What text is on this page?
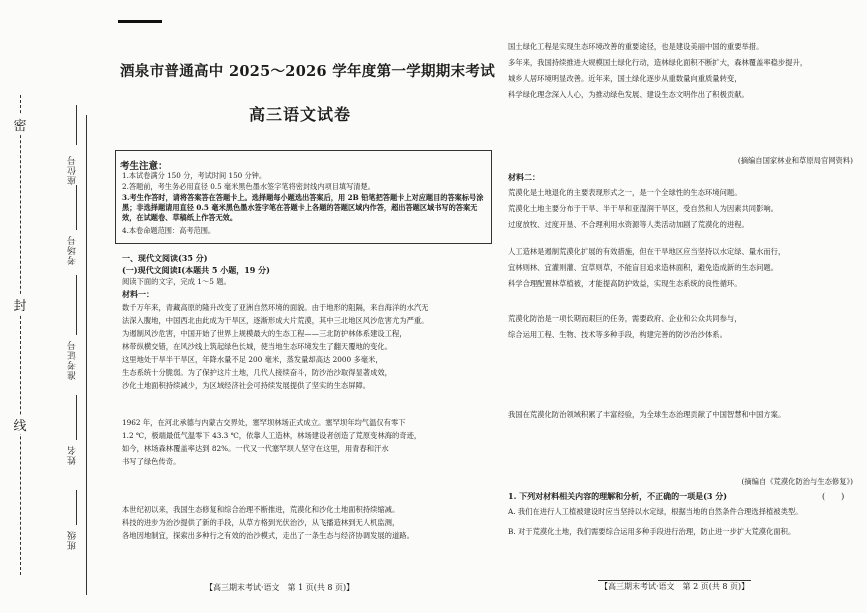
密
封
线
座位号
考场号
准考证号
姓名
班级
酒泉市普通高中 2025～2026 学年度第一学期期末考试
高三语文试卷
考生注意：
1.本试卷满分 150 分，考试时间 150 分钟。
2.答题前，考生务必用直径 0.5 毫米黑色墨水签字笔将密封线内项目填写清楚。
3.考生作答时，请将答案答在答题卡上。选择题每小题选出答案后，用 2B 铅笔把答题卡上对应题目的答案标号涂黑；非选择题请用直径 0.5 毫米黑色墨水签字笔在答题卡上各题的答题区域内作答，超出答题区域书写的答案无效，在试题卷、草稿纸上作答无效。
4.本卷命题范围：高考范围。
一、现代文阅读(35 分)
(一)现代文阅读Ⅰ(本题共 5 小题，19 分)
阅读下面的文字，完成 1～5 题。
材料一：
数千万年来，青藏高原的隆升改变了亚洲自然环境的面貌。由于地形的阻隔，来自海洋的水汽无
法深入腹地，中国西北由此成为干旱区，逐渐形成大片荒漠，其中三北地区风沙危害尤为严重。
为遏制风沙危害，中国开始了世界上规模最大的生态工程——三北防护林体系建设工程，
林带纵横交错，在风沙线上筑起绿色长城，使当地生态环境发生了翻天覆地的变化。
这里地处干旱半干旱区，年降水量不足 200 毫米，蒸发量却高达 2000 多毫米，
生态系统十分脆弱。为了保护这片土地，几代人接续奋斗，防沙治沙取得显著成效，
沙化土地面积持续减少，为区域经济社会可持续发展提供了坚实的生态屏障。
1962 年，在河北承德与内蒙古交界处，塞罕坝林场正式成立。塞罕坝年均气温仅有零下
1.2 ℃，极端最低气温零下 43.3 ℃，依靠人工造林，林场建设者创造了荒原变林海的奇迹，
如今，林场森林覆盖率达到 82%。一代又一代塞罕坝人坚守在这里，用青春和汗水
书写了绿色传奇。
本世纪初以来，我国生态修复和综合治理不断推进，荒漠化和沙化土地面积持续缩减。
科技的进步为治沙提供了新的手段，从草方格到光伏治沙，从飞播造林到无人机监测，
各地因地制宜，探索出多种行之有效的治沙模式，走出了一条生态与经济协调发展的道路。
【高三期末考试·语文　第 1 页(共 8 页)】
国土绿化工程是实现生态环境改善的重要途径，也是建设美丽中国的重要举措。
多年来，我国持续推进大规模国土绿化行动，造林绿化面积不断扩大，森林覆盖率稳步提升，
城乡人居环境明显改善。近年来，国土绿化逐步从重数量向重质量转变，
科学绿化理念深入人心，为推动绿色发展、建设生态文明作出了积极贡献。
(摘编自国家林业和草原局官网资料)
材料二：
荒漠化是土地退化的主要表现形式之一，是一个全球性的生态环境问题。
荒漠化土地主要分布于干旱、半干旱和亚湿润干旱区，受自然和人为因素共同影响。
过度放牧、过度开垦、不合理利用水资源等人类活动加剧了荒漠化的进程。
人工造林是遏制荒漠化扩展的有效措施，但在干旱地区应当坚持以水定绿、量水而行，
宜林则林、宜灌则灌、宜草则草，不能盲目追求造林面积，避免造成新的生态问题。
科学合理配置林草植被，才能提高防护效益，实现生态系统的良性循环。
荒漠化防治是一项长期而艰巨的任务，需要政府、企业和公众共同参与，
综合运用工程、生物、技术等多种手段，构建完善的防沙治沙体系。
我国在荒漠化防治领域积累了丰富经验，为全球生态治理贡献了中国智慧和中国方案。
(摘编自《荒漠化防治与生态修复》)
1. 下列对材料相关内容的理解和分析，不正确的一项是(3 分)	(　　)
A. 我们在进行人工植被建设时应当坚持以水定绿，根据当地的自然条件合理选择植被类型。
B. 对于荒漠化土地，我们需要综合运用多种手段进行治理，防止进一步扩大荒漠化面积。
【高三期末考试·语文　第 2 页(共 8 页)】
